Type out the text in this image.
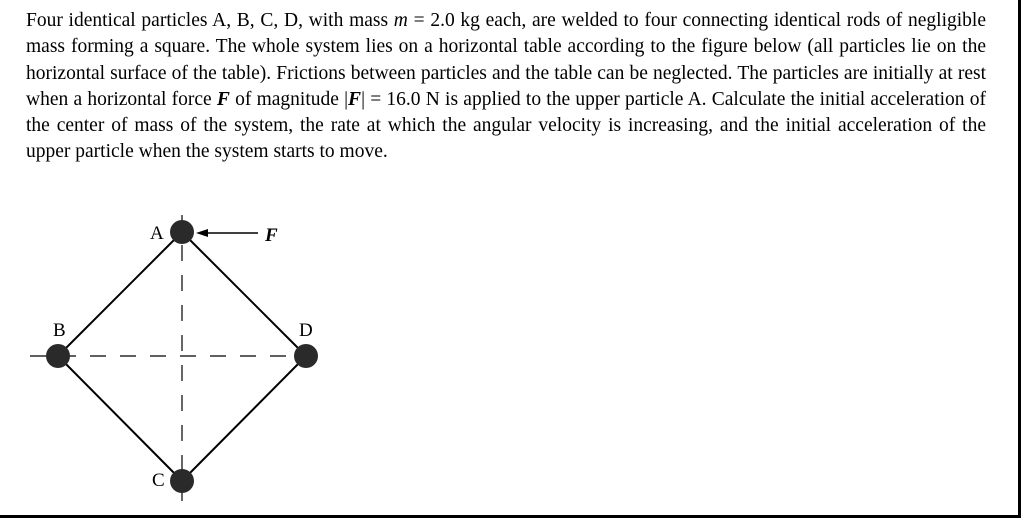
Four identical particles A, B, C, D, with mass m = 2.0 kg each, are welded to four connecting identical rods of negligible mass forming a square. The whole system lies on a horizontal table according to the figure below (all particles lie on the horizontal surface of the table). Frictions between particles and the table can be neglected. The particles are initially at rest when a horizontal force F of magnitude |F| = 16.0 N is applied to the upper particle A. Calculate the initial acceleration of the center of mass of the system, the rate at which the angular velocity is increasing, and the initial acceleration of the upper particle when the system starts to move.
A	F
B	D
C
